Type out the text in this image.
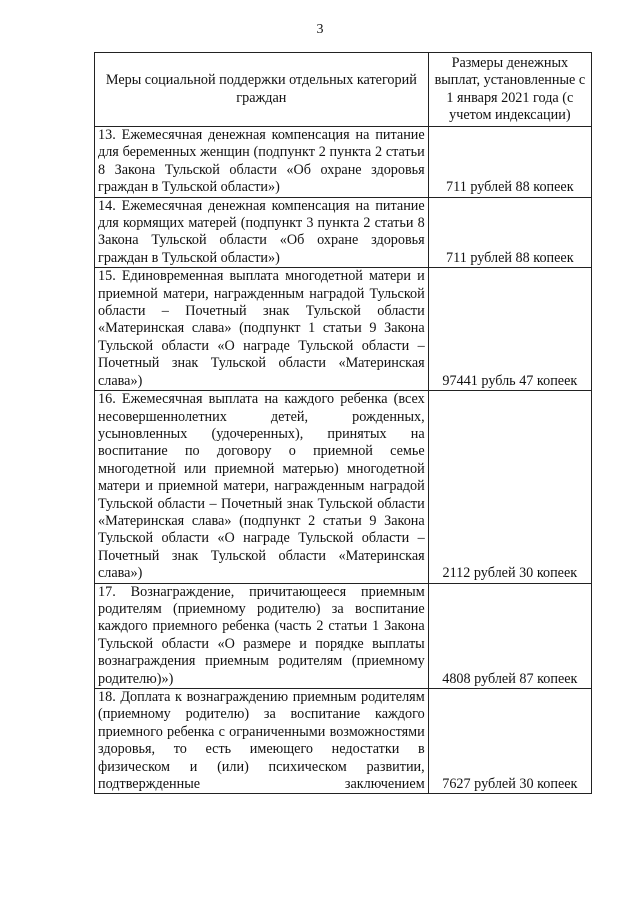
3
Меры социальной поддержки отдельных категорий граждан	Размеры денежных выплат, установленные с 1 января 2021 года (с учетом индексации)

13. Ежемесячная денежная компенсация на питание для беременных женщин (подпункт 2 пункта 2 статьи 8 Закона Тульской области «Об охране здоровья граждан в Тульской области»)	711 рублей 88 копеек
14. Ежемесячная денежная компенсация на питание для кормящих матерей (подпункт 3 пункта 2 статьи 8 Закона Тульской области «Об охране здоровья граждан в Тульской области»)	711 рублей 88 копеек
15. Единовременная выплата многодетной матери и приемной матери, награжденным наградой Тульской области – Почетный знак Тульской области «Материнская слава» (подпункт 1 статьи 9 Закона Тульской области «О награде Тульской области – Почетный знак Тульской области «Материнская слава»)	97441 рубль 47 копеек
16. Ежемесячная выплата на каждого ребенка (всех несовершеннолетних детей, рожденных, усыновленных (удочеренных), принятых на воспитание по договору о приемной семье многодетной или приемной матерью) многодетной матери и приемной матери, награжденным наградой Тульской области – Почетный знак Тульской области «Материнская слава» (подпункт 2 статьи 9 Закона Тульской области «О награде Тульской области – Почетный знак Тульской области «Материнская слава»)	2112 рублей 30 копеек
17. Вознаграждение, причитающееся приемным родителям (приемному родителю) за воспитание каждого приемного ребенка (часть 2 статьи 1 Закона Тульской области «О размере и порядке выплаты вознаграждения приемным родителям (приемному родителю)»)	4808 рублей 87 копеек
18. Доплата к вознаграждению приемным родителям (приемному родителю) за воспитание каждого приемного ребенка с ограниченными возможностями здоровья, то есть имеющего недостатки в физическом и (или) психическом развитии, подтвержденные заключением	7627 рублей 30 копеек
